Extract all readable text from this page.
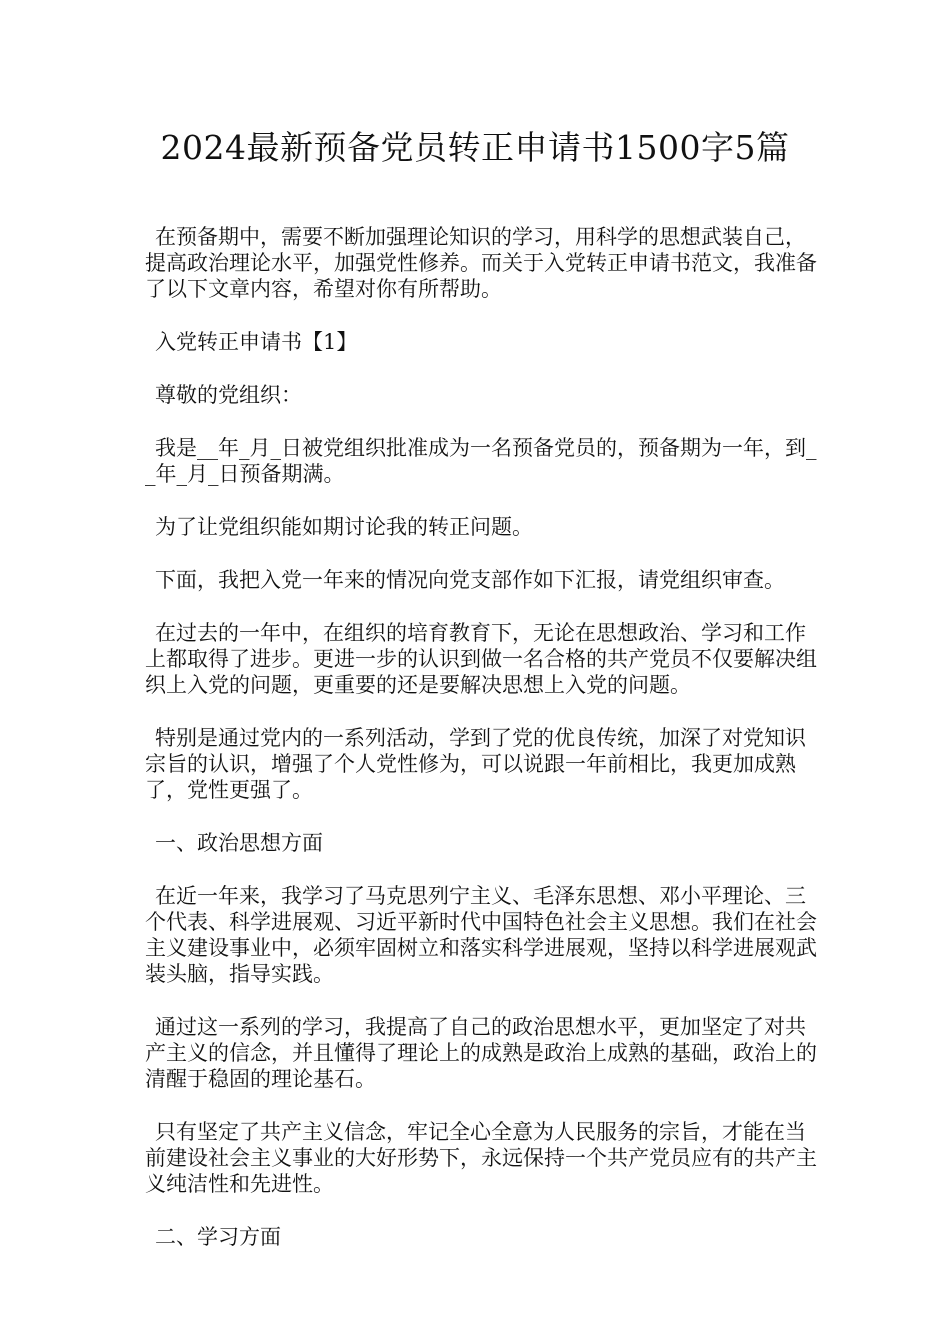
2024最新预备党员转正申请书1500字5篇

在预备期中，需要不断加强理论知识的学习，用科学的思想武装自己，提高政治理论水平，加强党性修养。而关于入党转正申请书范文，我准备了以下文章内容，希望对你有所帮助。

入党转正申请书【1】

尊敬的党组织：

我是__年_月_日被党组织批准成为一名预备党员的，预备期为一年，到__年_月_日预备期满。

为了让党组织能如期讨论我的转正问题。

下面，我把入党一年来的情况向党支部作如下汇报，请党组织审查。

在过去的一年中，在组织的培育教育下，无论在思想政治、学习和工作上都取得了进步。更进一步的认识到做一名合格的共产党员不仅要解决组织上入党的问题，更重要的还是要解决思想上入党的问题。

特别是通过党内的一系列活动，学到了党的优良传统，加深了对党知识宗旨的认识，增强了个人党性修为，可以说跟一年前相比，我更加成熟了，党性更强了。

一、政治思想方面

在近一年来，我学习了马克思列宁主义、毛泽东思想、邓小平理论、三个代表、科学进展观、习近平新时代中国特色社会主义思想。我们在社会主义建设事业中，必须牢固树立和落实科学进展观，坚持以科学进展观武装头脑，指导实践。

通过这一系列的学习，我提高了自己的政治思想水平，更加坚定了对共产主义的信念，并且懂得了理论上的成熟是政治上成熟的基础，政治上的清醒于稳固的理论基石。

只有坚定了共产主义信念，牢记全心全意为人民服务的宗旨，才能在当前建设社会主义事业的大好形势下，永远保持一个共产党员应有的共产主义纯洁性和先进性。

二、学习方面
